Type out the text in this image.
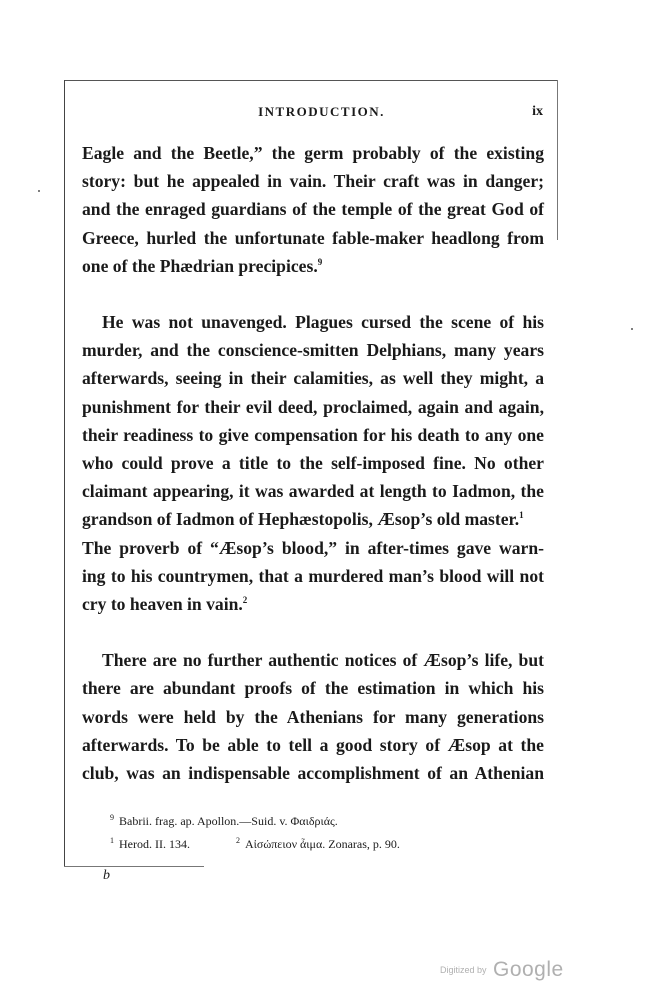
INTRODUCTION.	ix
Eagle and the Beetle,” the germ probably of the existing
story: but he appealed in vain. Their craft was in danger;
and the enraged guardians of the temple of the great God of
Greece, hurled the unfortunate fable-maker headlong from
one of the Phædrian precipices.$^9$
He was not unavenged. Plagues cursed the scene of his
murder, and the conscience-smitten Delphians, many years
afterwards, seeing in their calamities, as well they might, a
punishment for their evil deed, proclaimed, again and again,
their readiness to give compensation for his death to any one
who could prove a title to the self-imposed fine. No other
claimant appearing, it was awarded at length to Iadmon, the
grandson of Iadmon of Hephæstopolis, Æsop’s old master.$^1$
The proverb of “Æsop’s blood,” in after-times gave warn-
ing to his countrymen, that a murdered man’s blood will not
cry to heaven in vain.$^2$
There are no further authentic notices of Æsop’s life, but
there are abundant proofs of the estimation in which his
words were held by the Athenians for many generations
afterwards. To be able to tell a good story of Æsop at the
club, was an indispensable accomplishment of an Athenian
$^9$ Babrii. frag. ap. Apollon.—Suid. v. Φαιδριάς.
$^1$ Herod. II. 134.	$^2$ Αἰσώπειον ἆιμα. Zonaras, p. 90.
b
Digitized by Google
